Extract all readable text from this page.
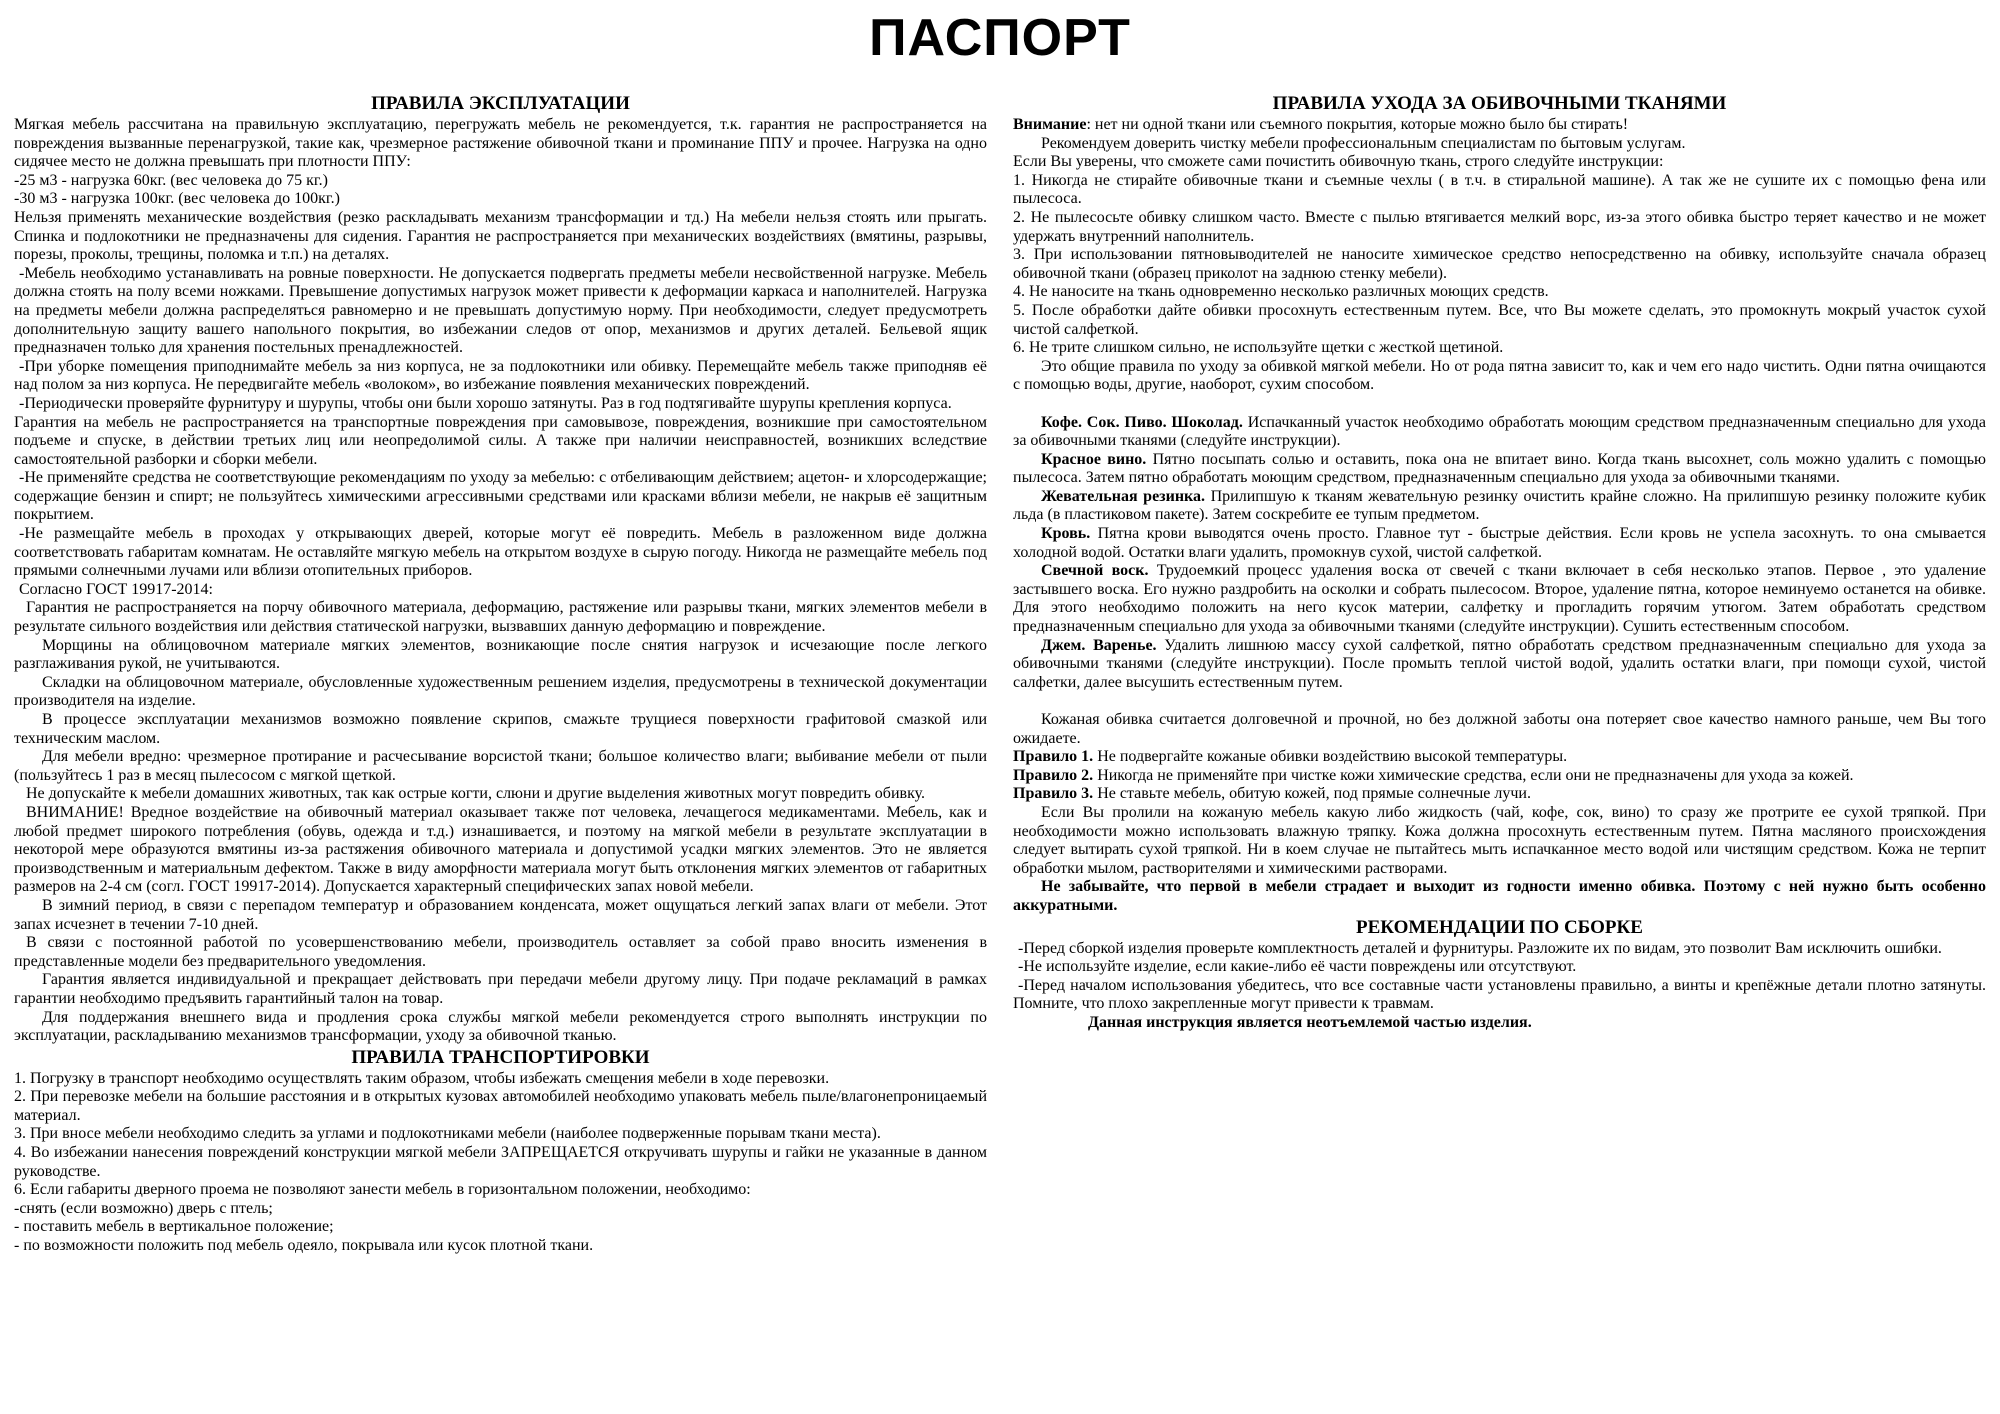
ПАСПОРТ
ПРАВИЛА ЭКСПЛУАТАЦИИ

Мягкая мебель рассчитана на правильную эксплуатацию, перегружать мебель не рекомендуется, т.к. гарантия не распространяется на повреждения вызванные перенагрузкой, такие как, чрезмерное растяжение обивочной ткани и проминание ППУ и прочее. Нагрузка на одно сидячее место не должна превышать при плотности ППУ:

-25 м3 - нагрузка 60кг. (вес человека до 75 кг.)

-30 м3 - нагрузка 100кг. (вес человека до 100кг.)

Нельзя применять механические воздействия (резко раскладывать механизм трансформации и тд.) На мебели нельзя стоять или прыгать. Спинка и подлокотники не предназначены для сидения. Гарантия не распространяется при механических воздействиях (вмятины, разрывы, порезы, проколы, трещины, поломка и т.п.) на деталях.

-Мебель необходимо устанавливать на ровные поверхности. Не допускается подвергать предметы мебели несвойственной нагрузке. Мебель должна стоять на полу всеми ножками. Превышение допустимых нагрузок может привести к деформации каркаса и наполнителей. Нагрузка на предметы мебели должна распределяться равномерно и не превышать допустимую норму. При необходимости, следует предусмотреть дополнительную защиту вашего напольного покрытия, во избежании следов от опор, механизмов и других деталей. Бельевой ящик предназначен только для хранения постельных пренадлежностей.

-При уборке помещения приподнимайте мебель за низ корпуса, не за подлокотники или обивку. Перемещайте мебель также приподняв её над полом за низ корпуса. Не передвигайте мебель «волоком», во избежание появления механических повреждений.

-Периодически проверяйте фурнитуру и шурупы, чтобы они были хорошо затянуты. Раз в год подтягивайте шурупы крепления корпуса.

Гарантия на мебель не распространяется на транспортные повреждения при самовывозе, повреждения, возникшие при самостоятельном подъеме и спуске, в действии третьих лиц или неопредолимой силы. А также при наличии неисправностей, возникших вследствие самостоятельной разборки и сборки мебели.

-Не применяйте средства не соответствующие рекомендациям по уходу за мебелью: с отбеливающим действием; ацетон- и хлорсодержащие; содержащие бензин и спирт; не пользуйтесь химическими агрессивными средствами или красками вблизи мебели, не накрыв её защитным покрытием.

-Не размещайте мебель в проходах у открывающих дверей, которые могут её повредить. Мебель в разложенном виде должна соответствовать габаритам комнатам. Не оставляйте мягкую мебель на открытом воздухе в сырую погоду. Никогда не размещайте мебель под прямыми солнечными лучами или вблизи отопительных приборов.

Согласно ГОСТ 19917-2014:

Гарантия не распространяется на порчу обивочного материала, деформацию, растяжение или разрывы ткани, мягких элементов мебели в результате сильного воздействия или действия статической нагрузки, вызвавших данную деформацию и повреждение.

Морщины на облицовочном материале мягких элементов, возникающие после снятия нагрузок и исчезающие после легкого разглаживания рукой, не учитываются.

Складки на облицовочном материале, обусловленные художественным решением изделия, предусмотрены в технической документации производителя на изделие.

В процессе эксплуатации механизмов возможно появление скрипов, смажьте трущиеся поверхности графитовой смазкой или техническим маслом.

Для мебели вредно: чрезмерное протирание и расчесывание ворсистой ткани; большое количество влаги; выбивание мебели от пыли (пользуйтесь 1 раз в месяц пылесосом с мягкой щеткой.

Не допускайте к мебели домашних животных, так как острые когти, слюни и другие выделения животных могут повредить обивку.

ВНИМАНИЕ! Вредное воздействие на обивочный материал оказывает также пот человека, лечащегося медикаментами. Мебель, как и любой предмет широкого потребления (обувь, одежда и т.д.) изнашивается, и поэтому на мягкой мебели в результате эксплуатации в некоторой мере образуются вмятины из-за растяжения обивочного материала и допустимой усадки мягких элементов. Это не является производственным и материальным дефектом. Также в виду аморфности материала могут быть отклонения мягких элементов от габаритных размеров на 2-4 см (согл. ГОСТ 19917-2014). Допускается характерный специфических запах новой мебели.

В зимний период, в связи с перепадом температур и образованием конденсата, может ощущаться легкий запах влаги от мебели. Этот запах исчезнет в течении 7-10 дней.

В связи с постоянной работой по усовершенствованию мебели, производитель оставляет за собой право вносить изменения в представленные модели без предварительного уведомления.

Гарантия является индивидуальной и прекращает действовать при передачи мебели другому лицу. При подаче рекламаций в рамках гарантии необходимо предъявить гарантийный талон на товар.

Для поддержания внешнего вида и продления срока службы мягкой мебели рекомендуется строго выполнять инструкции по эксплуатации, раскладыванию механизмов трансформации, уходу за обивочной тканью.

ПРАВИЛА ТРАНСПОРТИРОВКИ

1. Погрузку в транспорт необходимо осуществлять таким образом, чтобы избежать смещения мебели в ходе перевозки.

2. При перевозке мебели на большие расстояния и в открытых кузовах автомобилей необходимо упаковать мебель пыле/влагонепроницаемый материал.

3. При вносе мебели необходимо следить за углами и подлокотниками мебели (наиболее подверженные порывам ткани места).

4. Во избежании нанесения повреждений конструкции мягкой мебели ЗАПРЕЩАЕТСЯ откручивать шурупы и гайки не указанные в данном руководстве.

6. Если габариты дверного проема не позволяют занести мебель в горизонтальном положении, необходимо:

-снять (если возможно) дверь с птель;

- поставить мебель в вертикальное положение;

- по возможности положить под мебель одеяло, покрывала или кусок плотной ткани.

ПРАВИЛА УХОДА ЗА ОБИВОЧНЫМИ ТКАНЯМИ

Внимание: нет ни одной ткани или съемного покрытия, которые можно было бы стирать!

Рекомендуем доверить чистку мебели профессиональным специалистам по бытовым услугам.

Если Вы уверены, что сможете сами почистить обивочную ткань, строго следуйте инструкции:

1. Никогда не стирайте обивочные ткани и съемные чехлы ( в т.ч. в стиральной машине). А так же не сушите их с помощью фена или пылесоса.

2. Не пылесосьте обивку слишком часто. Вместе с пылью втягивается мелкий ворс, из-за этого обивка быстро теряет качество и не может удержать внутренний наполнитель.

3. При использовании пятновыводителей не наносите химическое средство непосредственно на обивку, используйте сначала образец обивочной ткани (образец приколот на заднюю стенку мебели).

4. Не наносите на ткань одновременно несколько различных моющих средств.

5. После обработки дайте обивки просохнуть естественным путем. Все, что Вы можете сделать, это промокнуть мокрый участок сухой чистой салфеткой.

6. Не трите слишком сильно, не используйте щетки с жесткой щетиной.

Это общие правила по уходу за обивкой мягкой мебели. Но от рода пятна зависит то, как и чем его надо чистить. Одни пятна очищаются с помощью воды, другие, наоборот, сухим способом.

Кофе. Сок. Пиво. Шоколад. Испачканный участок необходимо обработать моющим средством предназначенным специально для ухода за обивочными тканями (следуйте инструкции).

Красное вино. Пятно посыпать солью и оставить, пока она не впитает вино. Когда ткань высохнет, соль можно удалить с помощью пылесоса. Затем пятно обработать моющим средством, предназначенным специально для ухода за обивочными тканями.

Жевательная резинка. Прилипшую к тканям жевательную резинку очистить крайне сложно. На прилипшую резинку положите кубик льда (в пластиковом пакете). Затем соскребите ее тупым предметом.

Кровь. Пятна крови выводятся очень просто. Главное тут - быстрые действия. Если кровь не успела засохнуть. то она смывается холодной водой. Остатки влаги удалить, промокнув сухой, чистой салфеткой.

Свечной воск. Трудоемкий процесс удаления воска от свечей с ткани включает в себя несколько этапов. Первое , это удаление застывшего воска. Его нужно раздробить на осколки и собрать пылесосом. Второе, удаление пятна, которое неминуемо останется на обивке. Для этого необходимо положить на него кусок материи, салфетку и прогладить горячим утюгом. Затем обработать средством предназначенным специально для ухода за обивочными тканями (следуйте инструкции). Сушить естественным способом.

Джем. Варенье. Удалить лишнюю массу сухой салфеткой, пятно обработать средством предназначенным специально для ухода за обивочными тканями (следуйте инструкции). После промыть теплой чистой водой, удалить остатки влаги, при помощи сухой, чистой салфетки, далее высушить естественным путем.

Кожаная обивка считается долговечной и прочной, но без должной заботы она потеряет свое качество намного раньше, чем Вы того ожидаете.

Правило 1. Не подвергайте кожаные обивки воздействию высокой температуры.

Правило 2. Никогда не применяйте при чистке кожи химические средства, если они не предназначены для ухода за кожей.

Правило 3. Не ставьте мебель, обитую кожей, под прямые солнечные лучи.

Если Вы пролили на кожаную мебель какую либо жидкость (чай, кофе, сок, вино) то сразу же протрите ее сухой тряпкой. При необходимости можно использовать влажную тряпку. Кожа должна просохнуть естественным путем. Пятна масляного происхождения следует вытирать сухой тряпкой. Ни в коем случае не пытайтесь мыть испачканное место водой или чистящим средством. Кожа не терпит обработки мылом, растворителями и химическими растворами.

Не забывайте, что первой в мебели страдает и выходит из годности именно обивка. Поэтому с ней нужно быть особенно аккуратными.

РЕКОМЕНДАЦИИ ПО СБОРКЕ

-Перед сборкой изделия проверьте комплектность деталей и фурнитуры. Разложите их по видам, это позволит Вам исключить ошибки.

-Не используйте изделие, если какие-либо её части повреждены или отсутствуют.

-Перед началом использования убедитесь, что все составные части установлены правильно, а винты и крепёжные детали плотно затянуты. Помните, что плохо закрепленные могут привести к травмам.

Данная инструкция является неотъемлемой частью изделия.
